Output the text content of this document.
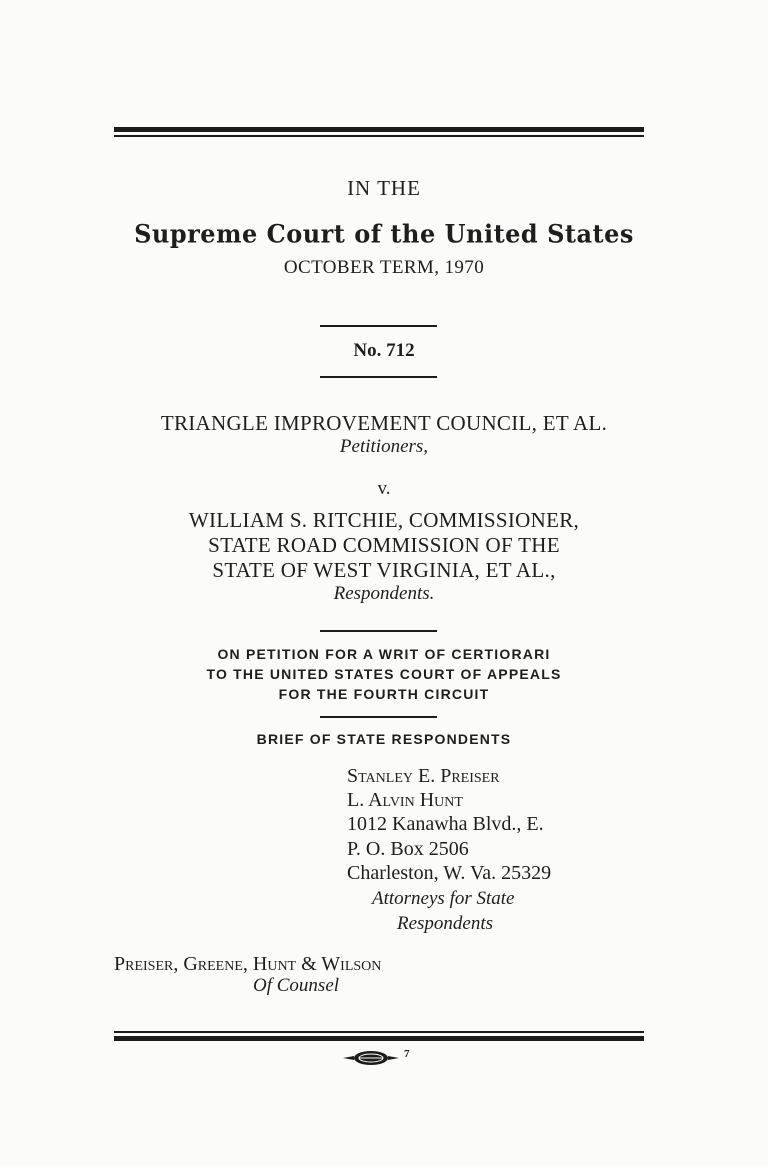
IN THE
Supreme Court of the United States
OCTOBER TERM, 1970
No. 712
TRIANGLE IMPROVEMENT COUNCIL, ET AL.
Petitioners,
v.
WILLIAM S. RITCHIE, COMMISSIONER,
STATE ROAD COMMISSION OF THE
STATE OF WEST VIRGINIA, ET AL.,
Respondents.
ON PETITION FOR A WRIT OF CERTIORARI
TO THE UNITED STATES COURT OF APPEALS
FOR THE FOURTH CIRCUIT
BRIEF OF STATE RESPONDENTS
Stanley E. Preiser
L. Alvin Hunt
1012 Kanawha Blvd., E.
P. O. Box 2506
Charleston, W. Va. 25329
Attorneys for State
Respondents
Preiser, Greene, Hunt & Wilson
Of Counsel
7
